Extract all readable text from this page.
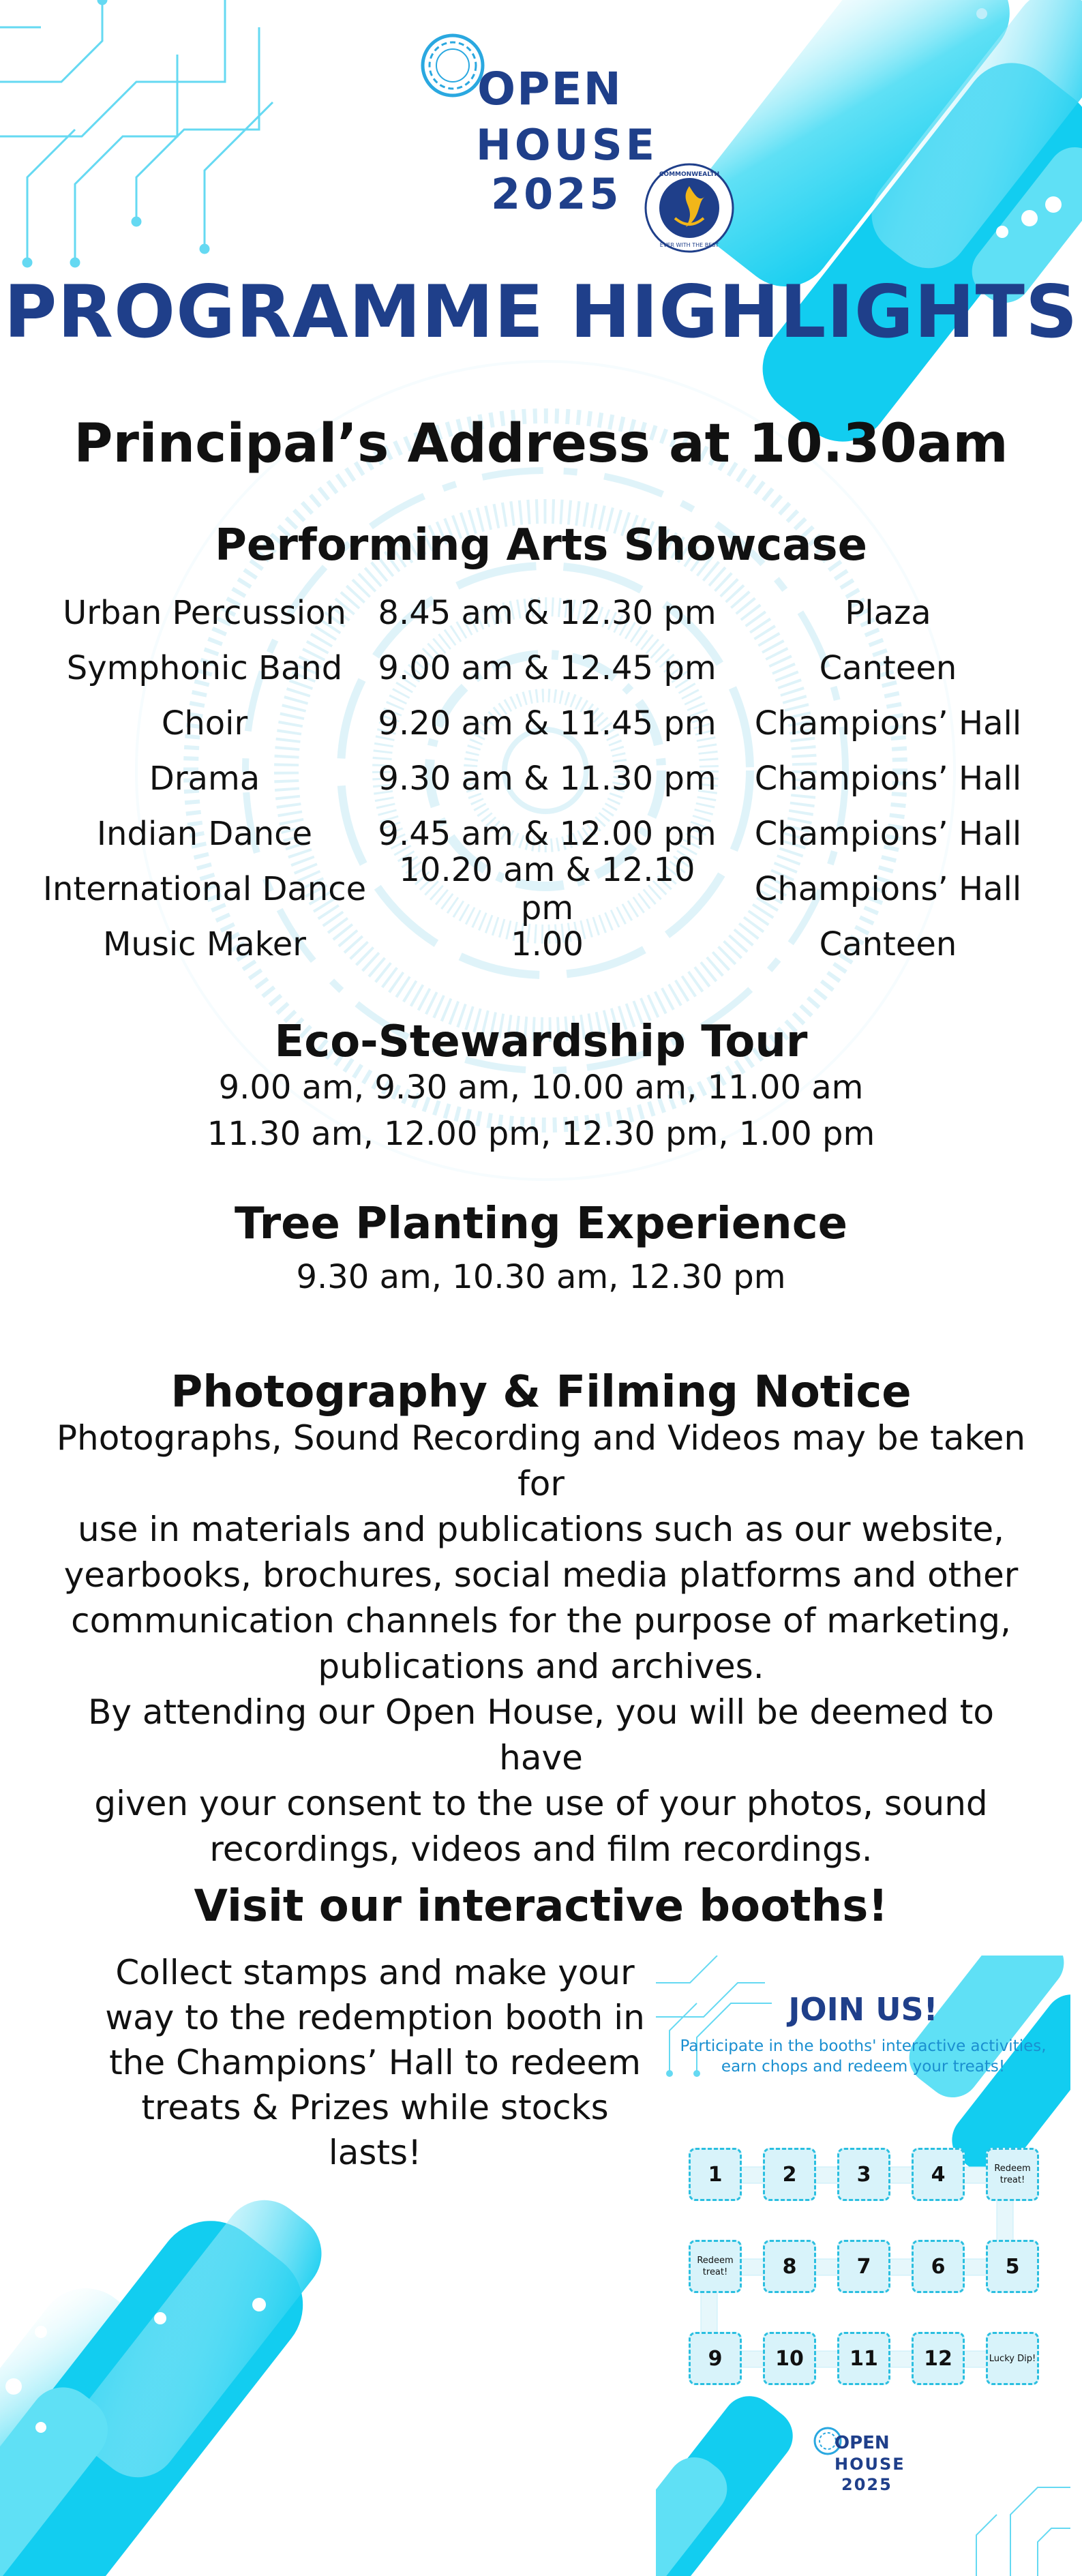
OPEN
HOUSE
2025	COMMONWEALTH
EVER WITH THE BEST
PROGRAMME HIGHLIGHTS
Principal’s Address at 10.30am
Performing Arts Showcase
Urban Percussion 8.45 am & 12.30 pm	Plaza
Symphonic Band	9.00 am & 12.45 pm	Canteen
Choir	9.20 am & 11.45 pm	Champions’ Hall
Drama	9.30 am & 11.30 pm	Champions’ Hall
Indian Dance	9.45 am & 12.00 pm	Champions’ Hall
International Dance	10.20 am & 12.10 pm	Champions’ Hall
Music Maker	1.00	Canteen
Eco-Stewardship Tour
9.00 am, 9.30 am, 10.00 am, 11.00 am
11.30 am, 12.00 pm, 12.30 pm, 1.00 pm
Tree Planting Experience
9.30 am, 10.30 am, 12.30 pm
Photography & Filming Notice
Photographs, Sound Recording and Videos may be taken for
use in materials and publications such as our website,
yearbooks, brochures, social media platforms and other
communication channels for the purpose of marketing,
publications and archives.
By attending our Open House, you will be deemed to have
given your consent to the use of your photos, sound
recordings, videos and film recordings.
Visit our interactive booths!
Collect stamps and make your
way to the redemption booth in
the Champions’ Hall to redeem
treats & Prizes while stocks lasts!
JOIN US!
Participate in the booths' interactive activities,
earn chops and redeem your treats!
1	2	3	4	Redeem treat!
Redeem treat!	8	7	6	5
9	10	11	12	Lucky Dip!
OPEN
HOUSE
2025
